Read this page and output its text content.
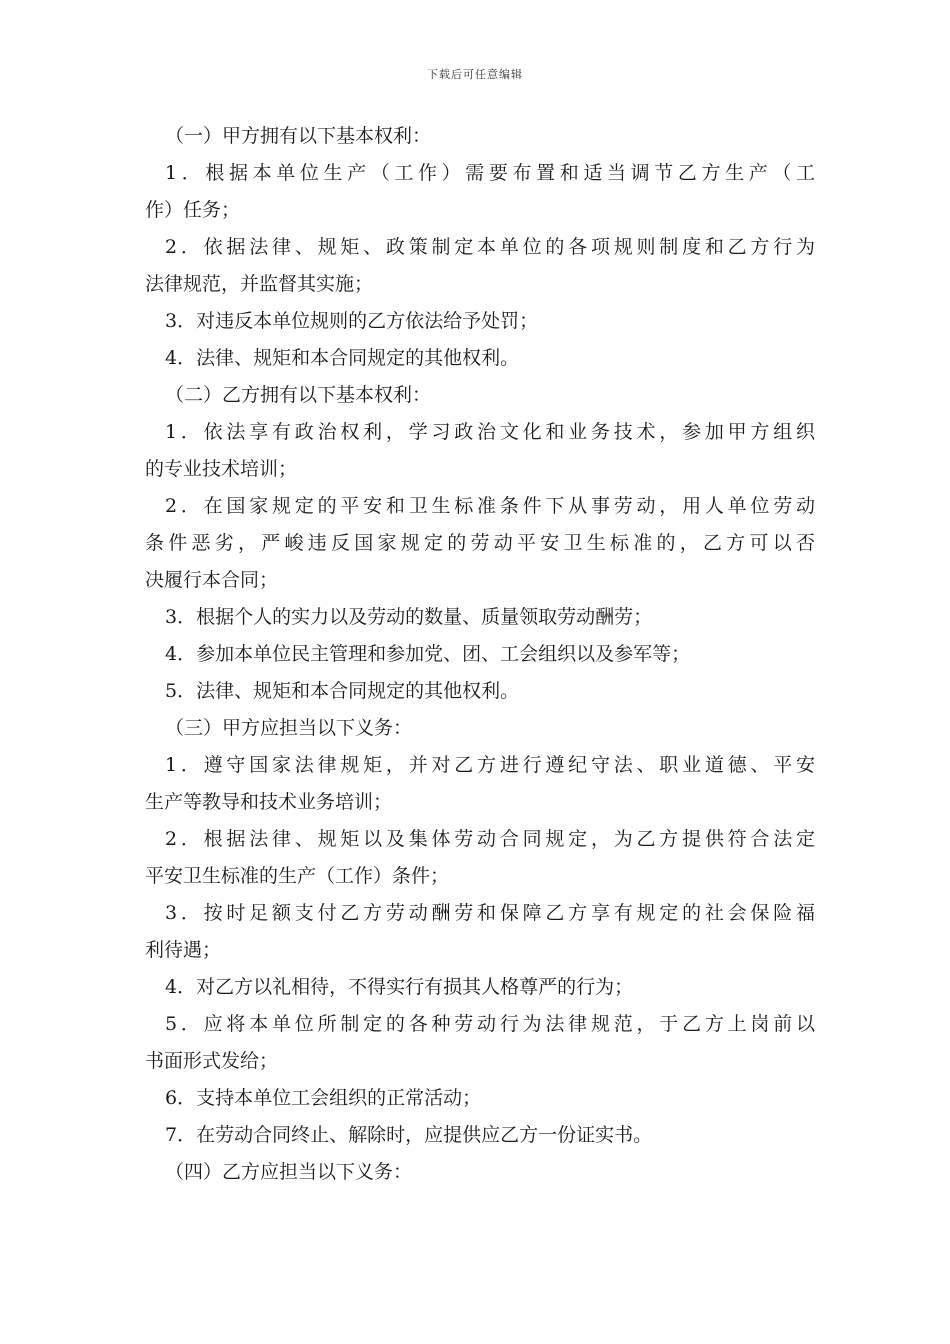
下载后可任意编辑
（一）甲方拥有以下基本权利：
1．根据本单位生产（工作）需要布置和适当调节乙方生产（工
作）任务；
2．依据法律、规矩、政策制定本单位的各项规则制度和乙方行为
法律规范，并监督其实施；
3．对违反本单位规则的乙方依法给予处罚；
4．法律、规矩和本合同规定的其他权利。
（二）乙方拥有以下基本权利：
1．依法享有政治权利，学习政治文化和业务技术，参加甲方组织
的专业技术培训；
2．在国家规定的平安和卫生标准条件下从事劳动，用人单位劳动
条件恶劣，严峻违反国家规定的劳动平安卫生标准的，乙方可以否
决履行本合同；
3．根据个人的实力以及劳动的数量、质量领取劳动酬劳；
4．参加本单位民主管理和参加党、团、工会组织以及参军等；
5．法律、规矩和本合同规定的其他权利。
（三）甲方应担当以下义务：
1．遵守国家法律规矩，并对乙方进行遵纪守法、职业道德、平安
生产等教导和技术业务培训；
2．根据法律、规矩以及集体劳动合同规定，为乙方提供符合法定
平安卫生标准的生产（工作）条件；
3．按时足额支付乙方劳动酬劳和保障乙方享有规定的社会保险福
利待遇；
4．对乙方以礼相待，不得实行有损其人格尊严的行为；
5．应将本单位所制定的各种劳动行为法律规范，于乙方上岗前以
书面形式发给；
6．支持本单位工会组织的正常活动；
7．在劳动合同终止、解除时，应提供应乙方一份证实书。
（四）乙方应担当以下义务：
